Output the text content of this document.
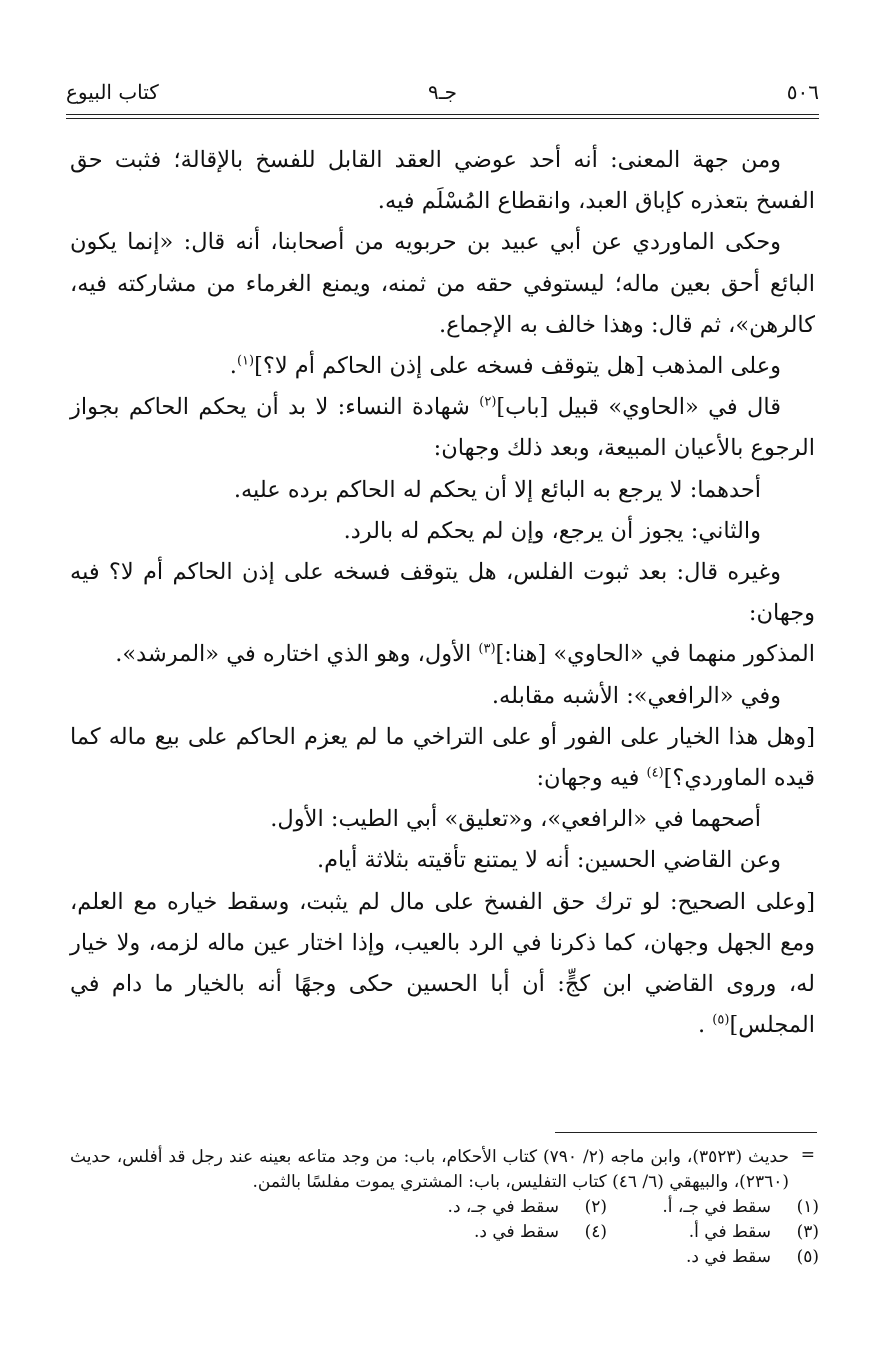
٥٠٦
جـ٩
كتاب البيوع

ومن جهة المعنى: أنه أحد عوضي العقد القابل للفسخ بالإقالة؛ فثبت حق الفسخ بتعذره كإباق العبد، وانقطاع المُسْلَم فيه.

وحكى الماوردي عن أبي عبيد بن حربويه من أصحابنا، أنه قال: «إنما يكون البائع أحق بعين ماله؛ ليستوفي حقه من ثمنه، ويمنع الغرماء من مشاركته فيه، كالرهن»، ثم قال: وهذا خالف به الإجماع.

وعلى المذهب [هل يتوقف فسخه على إذن الحاكم أم لا؟]$^{(١)}$.

قال في «الحاوي» قبيل [باب]$^{(٢)}$ شهادة النساء: لا بد أن يحكم الحاكم بجواز الرجوع بالأعيان المبيعة، وبعد ذلك وجهان:

أحدهما: لا يرجع به البائع إلا أن يحكم له الحاكم برده عليه.

والثاني: يجوز أن يرجع، وإن لم يحكم له بالرد.

وغيره قال: بعد ثبوت الفلس، هل يتوقف فسخه على إذن الحاكم أم لا؟ فيه وجهان:

المذكور منهما في «الحاوي» [هنا:]$^{(٣)}$ الأول، وهو الذي اختاره في «المرشد».

وفي «الرافعي»: الأشبه مقابله.

[وهل هذا الخيار على الفور أو على التراخي ما لم يعزم الحاكم على بيع ماله كما قيده الماوردي؟]$^{(٤)}$ فيه وجهان:

أصحهما في «الرافعي»، و«تعليق» أبي الطيب: الأول.

وعن القاضي الحسين: أنه لا يمتنع تأقيته بثلاثة أيام.

[وعلى الصحيح: لو ترك حق الفسخ على مال لم يثبت، وسقط خياره مع العلم، ومع الجهل وجهان، كما ذكرنا في الرد بالعيب، وإذا اختار عين ماله لزمه، ولا خيار له، وروى القاضي ابن كجٍّ: أن أبا الحسين حكى وجهًا أنه بالخيار ما دام في المجلس]$^{(٥)}$ .

=
حديث (٣٥٢٣)، وابن ماجه (٢/ ٧٩٠) كتاب الأحكام، باب: من وجد متاعه بعينه عند رجل قد أفلس، حديث (٢٣٦٠)، والبيهقي (٦/ ٤٦) كتاب التفليس، باب: المشتري يموت مفلسًا بالثمن.
(١)
سقط في جـ، أ.
(٢)
سقط في جـ، د.
(٣)
سقط في أ.
(٤)
سقط في د.
(٥)
سقط في د.
